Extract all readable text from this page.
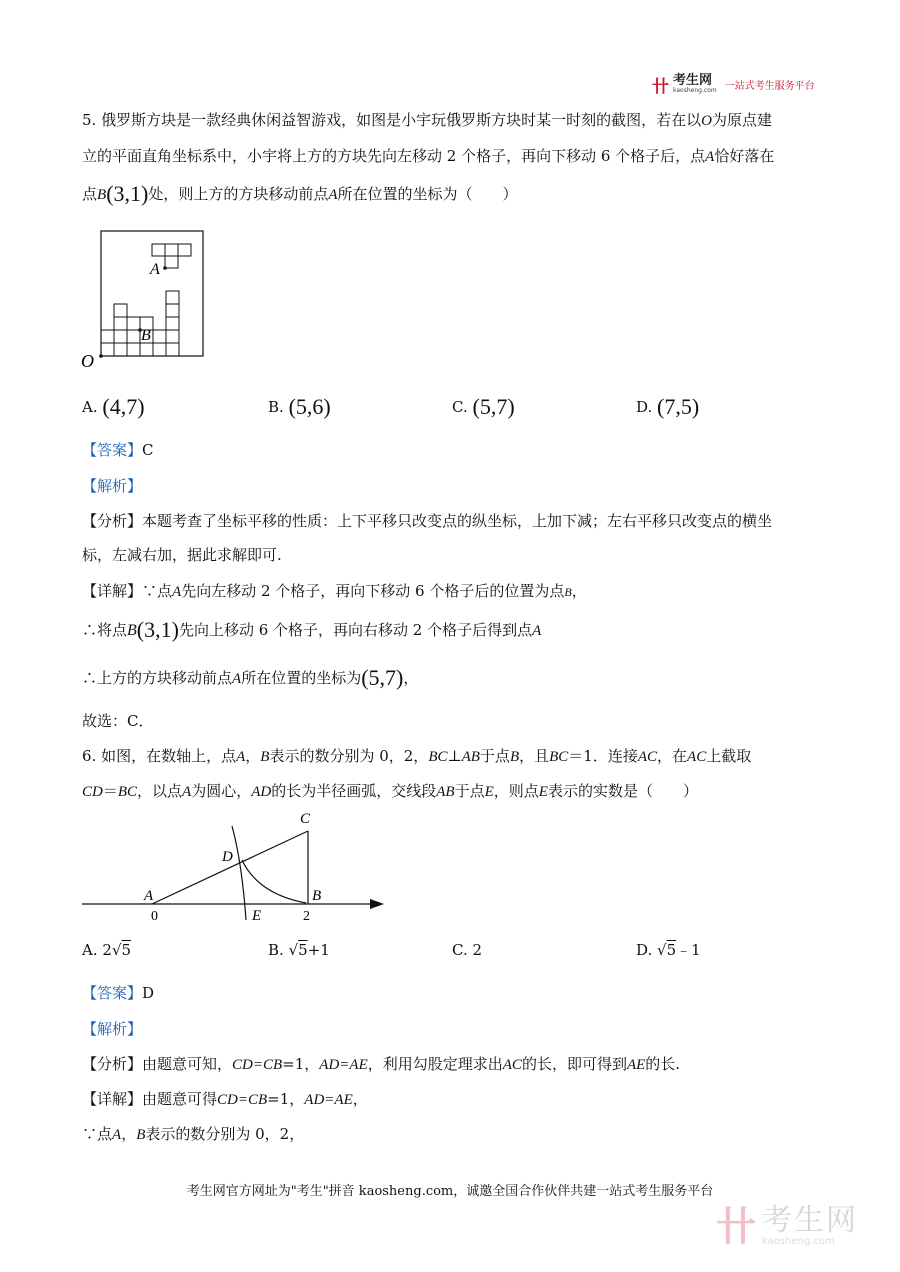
卄 考生网
kaosheng.com 一站式考生服务平台
5. 俄罗斯方块是一款经典休闲益智游戏，如图是小宇玩俄罗斯方块时某一时刻的截图，若在以O为原点建
立的平面直角坐标系中，小宇将上方的方块先向左移动 2 个格子，再向下移动 6 个格子后，点A恰好落在
点B(3,1)处，则上方的方块移动前点A所在位置的坐标为（　　）
A
B
O
A. (4,7)	B. (5,6)	C. (5,7)	D. (7,5)
【答案】C
【解析】
【分析】本题考查了坐标平移的性质：上下平移只改变点的纵坐标，上加下减；左右平移只改变点的横坐
标，左减右加，据此求解即可.
【详解】∵点A先向左移动 2 个格子，再向下移动 6 个格子后的位置为点B，
∴将点B(3,1)先向上移动 6 个格子，再向右移动 2 个格子后得到点A
∴上方的方块移动前点A所在位置的坐标为(5,7)，
故选：C．
6. 如图，在数轴上，点A，B表示的数分别为 0，2，BC⊥AB于点B，且BC＝1．连接AC，在AC上截取
CD＝BC，以点A为圆心，AD的长为半径画弧，交线段AB于点E，则点E表示的实数是（　　）
C
D
A	B
E
0	2
A. 2√5	B. √5+1	C. 2	D. √5﹣1
【答案】D
【解析】
【分析】由题意可知，CD=CB=1，AD=AE，利用勾股定理求出AC的长，即可得到AE的长.
【详解】由题意可得CD=CB=1，AD=AE，
∵点A，B表示的数分别为 0，2，
考生网官方网址为"考生"拼音 kaosheng.com，诚邀全国合作伙伴共建一站式考生服务平台
卄 考生网
kaosheng.com
